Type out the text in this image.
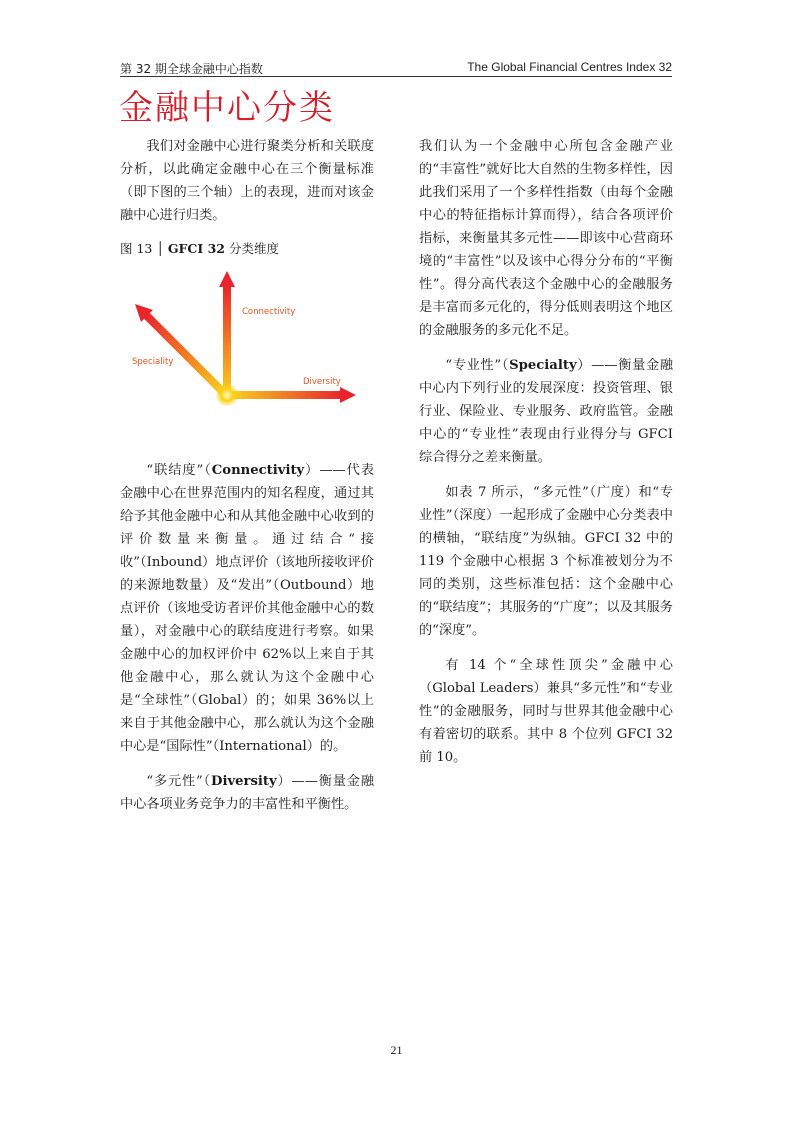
第 32 期全球金融中心指数	The Global Financial Centres Index 32
金融中心分类

我们对金融中心进行聚类分析和关联度分析，以此确定金融中心在三个衡量标准（即下图的三个轴）上的表现，进而对该金融中心进行归类。

图 13 │ GFCI 32 分类维度
Connectivity
Speciality
Diversity

“联结度”（Connectivity）——代表金融中心在世界范围内的知名程度，通过其给予其他金融中心和从其他金融中心收到的评价数量来衡量。通过结合“接收”（Inbound）地点评价（该地所接收评价的来源地数量）及“发出”（Outbound）地点评价（该地受访者评价其他金融中心的数量），对金融中心的联结度进行考察。如果金融中心的加权评价中 62%以上来自于其他金融中心，那么就认为这个金融中心是“全球性”（Global）的；如果 36%以上来自于其他金融中心，那么就认为这个金融中心是“国际性”（International）的。

“多元性”（Diversity）——衡量金融中心各项业务竞争力的丰富性和平衡性。

我们认为一个金融中心所包含金融产业的“丰富性”就好比大自然的生物多样性，因此我们采用了一个多样性指数（由每个金融中心的特征指标计算而得），结合各项评价指标，来衡量其多元性——即该中心营商环境的“丰富性”以及该中心得分分布的“平衡性”。得分高代表这个金融中心的金融服务是丰富而多元化的，得分低则表明这个地区的金融服务的多元化不足。

“专业性”（Specialty）——衡量金融中心内下列行业的发展深度：投资管理、银行业、保险业、专业服务、政府监管。金融中心的“专业性”表现由行业得分与 GFCI 综合得分之差来衡量。

如表 7 所示，“多元性”（广度）和“专业性”（深度）一起形成了金融中心分类表中的横轴，“联结度”为纵轴。GFCI 32 中的 119 个金融中心根据 3 个标准被划分为不同的类别，这些标准包括：这个金融中心的“联结度”；其服务的“广度”；以及其服务的“深度”。

有 14 个“全球性顶尖”金融中心（Global Leaders）兼具“多元性”和“专业性”的金融服务，同时与世界其他金融中心有着密切的联系。其中 8 个位列 GFCI 32 前 10。

21
